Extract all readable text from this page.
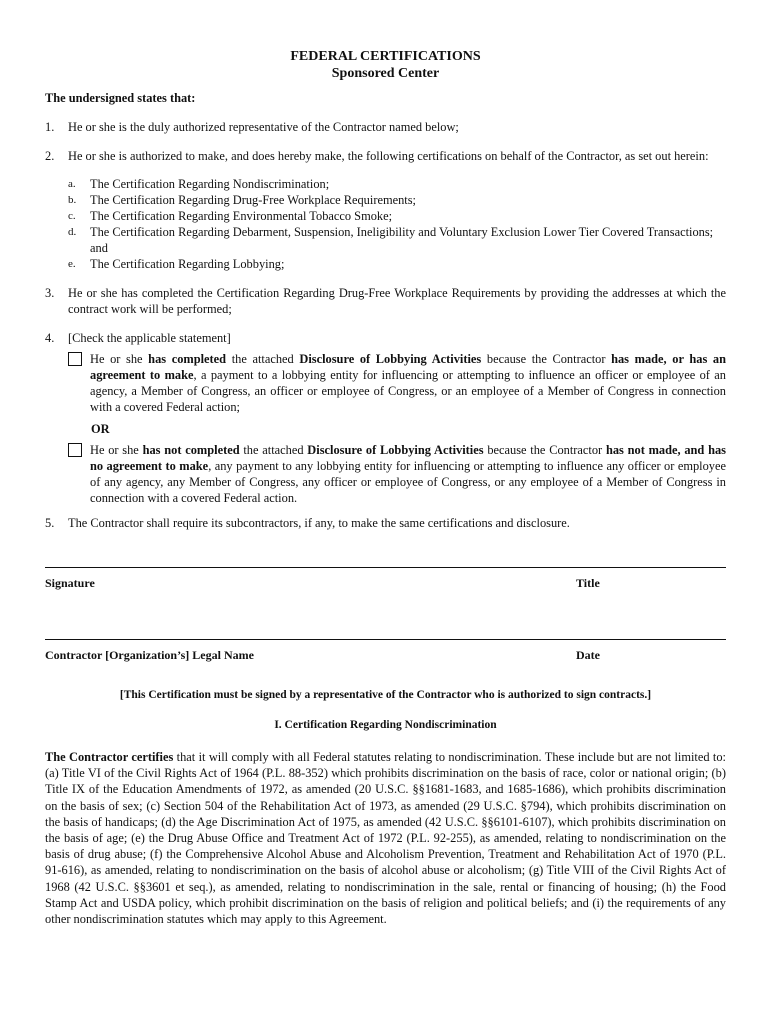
FEDERAL CERTIFICATIONS
Sponsored Center
The undersigned states that:
1.	He or she is the duly authorized representative of the Contractor named below;
2.	He or she is authorized to make, and does hereby make, the following certifications on behalf of the Contractor, as set out herein:
a.	The Certification Regarding Nondiscrimination;
b.	The Certification Regarding Drug-Free Workplace Requirements;
c.	The Certification Regarding Environmental Tobacco Smoke;
d.	The Certification Regarding Debarment, Suspension, Ineligibility and Voluntary Exclusion Lower Tier Covered Transactions; and
e.	The Certification Regarding Lobbying;
3.	He or she has completed the Certification Regarding Drug-Free Workplace Requirements by providing the addresses at which the contract work will be performed;
4.	[Check the applicable statement]
He or she has completed the attached Disclosure of Lobbying Activities because the Contractor has made, or has an agreement to make, a payment to a lobbying entity for influencing or attempting to influence an officer or employee of an agency, a Member of Congress, an officer or employee of Congress, or an employee of a Member of Congress in connection with a covered Federal action;
OR
He or she has not completed the attached Disclosure of Lobbying Activities because the Contractor has not made, and has no agreement to make, any payment to any lobbying entity for influencing or attempting to influence any officer or employee of any agency, any Member of Congress, any officer or employee of Congress, or any employee of a Member of Congress in connection with a covered Federal action.
5.	The Contractor shall require its subcontractors, if any, to make the same certifications and disclosure.
Signature	Title
Contractor [Organization’s] Legal Name	Date
[This Certification must be signed by a representative of the Contractor who is authorized to sign contracts.]
I. Certification Regarding Nondiscrimination
The Contractor certifies that it will comply with all Federal statutes relating to nondiscrimination. These include but are not limited to: (a) Title VI of the Civil Rights Act of 1964 (P.L. 88-352) which prohibits discrimination on the basis of race, color or national origin; (b) Title IX of the Education Amendments of 1972, as amended (20 U.S.C. §§1681-1683, and 1685-1686), which prohibits discrimination on the basis of sex; (c) Section 504 of the Rehabilitation Act of 1973, as amended (29 U.S.C. §794), which prohibits discrimination on the basis of handicaps; (d) the Age Discrimination Act of 1975, as amended (42 U.S.C. §§6101-6107), which prohibits discrimination on the basis of age; (e) the Drug Abuse Office and Treatment Act of 1972 (P.L. 92-255), as amended, relating to nondiscrimination on the basis of drug abuse; (f) the Comprehensive Alcohol Abuse and Alcoholism Prevention, Treatment and Rehabilitation Act of 1970 (P.L. 91-616), as amended, relating to nondiscrimination on the basis of alcohol abuse or alcoholism; (g) Title VIII of the Civil Rights Act of 1968 (42 U.S.C. §§3601 et seq.), as amended, relating to nondiscrimination in the sale, rental or financing of housing; (h) the Food Stamp Act and USDA policy, which prohibit discrimination on the basis of religion and political beliefs; and (i) the requirements of any other nondiscrimination statutes which may apply to this Agreement.
